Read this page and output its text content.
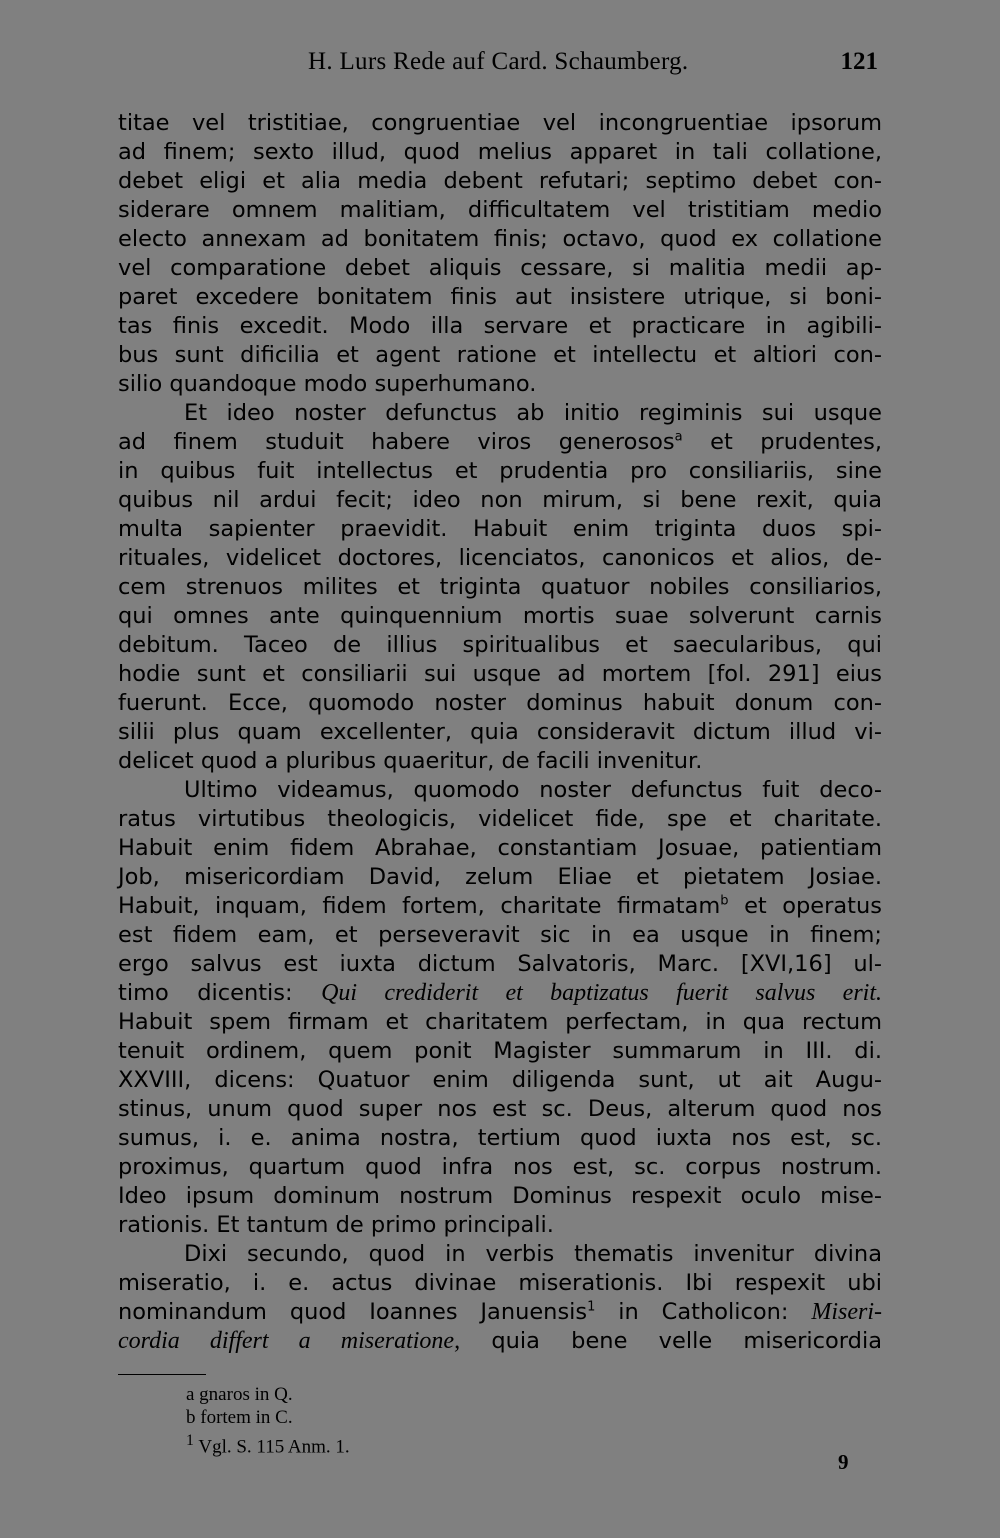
H. Lurs Rede auf Card. Schaumberg.	121
titae vel tristitiae, congruentiae vel incongruentiae ipsorum
ad finem; sexto illud, quod melius apparet in tali collatione,
debet eligi et alia media debent refutari; septimo debet con-
siderare omnem malitiam, difficultatem vel tristitiam medio
electo annexam ad bonitatem finis; octavo, quod ex collatione
vel comparatione debet aliquis cessare, si malitia medii ap-
paret excedere bonitatem finis aut insistere utrique, si boni-
tas finis excedit. Modo illa servare et practicare in agibili-
bus sunt dificilia et agent ratione et intellectu et altiori con-
silio quandoque modo superhumano.
Et ideo noster defunctus ab initio regiminis sui usque
ad finem studuit habere viros generosos$^a$ et prudentes,
in quibus fuit intellectus et prudentia pro consiliariis, sine
quibus nil ardui fecit; ideo non mirum, si bene rexit, quia
multa sapienter praevidit. Habuit enim triginta duos spi-
rituales, videlicet doctores, licenciatos, canonicos et alios, de-
cem strenuos milites et triginta quatuor nobiles consiliarios,
qui omnes ante quinquennium mortis suae solverunt carnis
debitum. Taceo de illius spiritualibus et saecularibus, qui
hodie sunt et consiliarii sui usque ad mortem [fol. 291] eius
fuerunt. Ecce, quomodo noster dominus habuit donum con-
silii plus quam excellenter, quia consideravit dictum illud vi-
delicet quod a pluribus quaeritur, de facili invenitur.
Ultimo videamus, quomodo noster defunctus fuit deco-
ratus virtutibus theologicis, videlicet fide, spe et charitate.
Habuit enim fidem Abrahae, constantiam Josuae, patientiam
Job, misericordiam David, zelum Eliae et pietatem Josiae.
Habuit, inquam, fidem fortem, charitate firmatam$^b$ et operatus
est fidem eam, et perseveravit sic in ea usque in finem;
ergo salvus est iuxta dictum Salvatoris, Marc. [XVI,16] ul-
timo dicentis: Qui crediderit et baptizatus fuerit salvus erit.
Habuit spem firmam et charitatem perfectam, in qua rectum
tenuit ordinem, quem ponit Magister summarum in III. di.
XXVIII, dicens: Quatuor enim diligenda sunt, ut ait Augu-
stinus, unum quod super nos est sc. Deus, alterum quod nos
sumus, i. e. anima nostra, tertium quod iuxta nos est, sc.
proximus, quartum quod infra nos est, sc. corpus nostrum.
Ideo ipsum dominum nostrum Dominus respexit oculo mise-
rationis. Et tantum de primo principali.
Dixi secundo, quod in verbis thematis invenitur divina
miseratio, i. e. actus divinae miserationis. Ibi respexit ubi
nominandum quod Ioannes Januensis$^1$ in Catholicon: Miseri-
cordia differt a miseratione, quia bene velle misericordia
a gnaros in Q.
b fortem in C.
$^1$ Vgl. S. 115 Anm. 1.
9
